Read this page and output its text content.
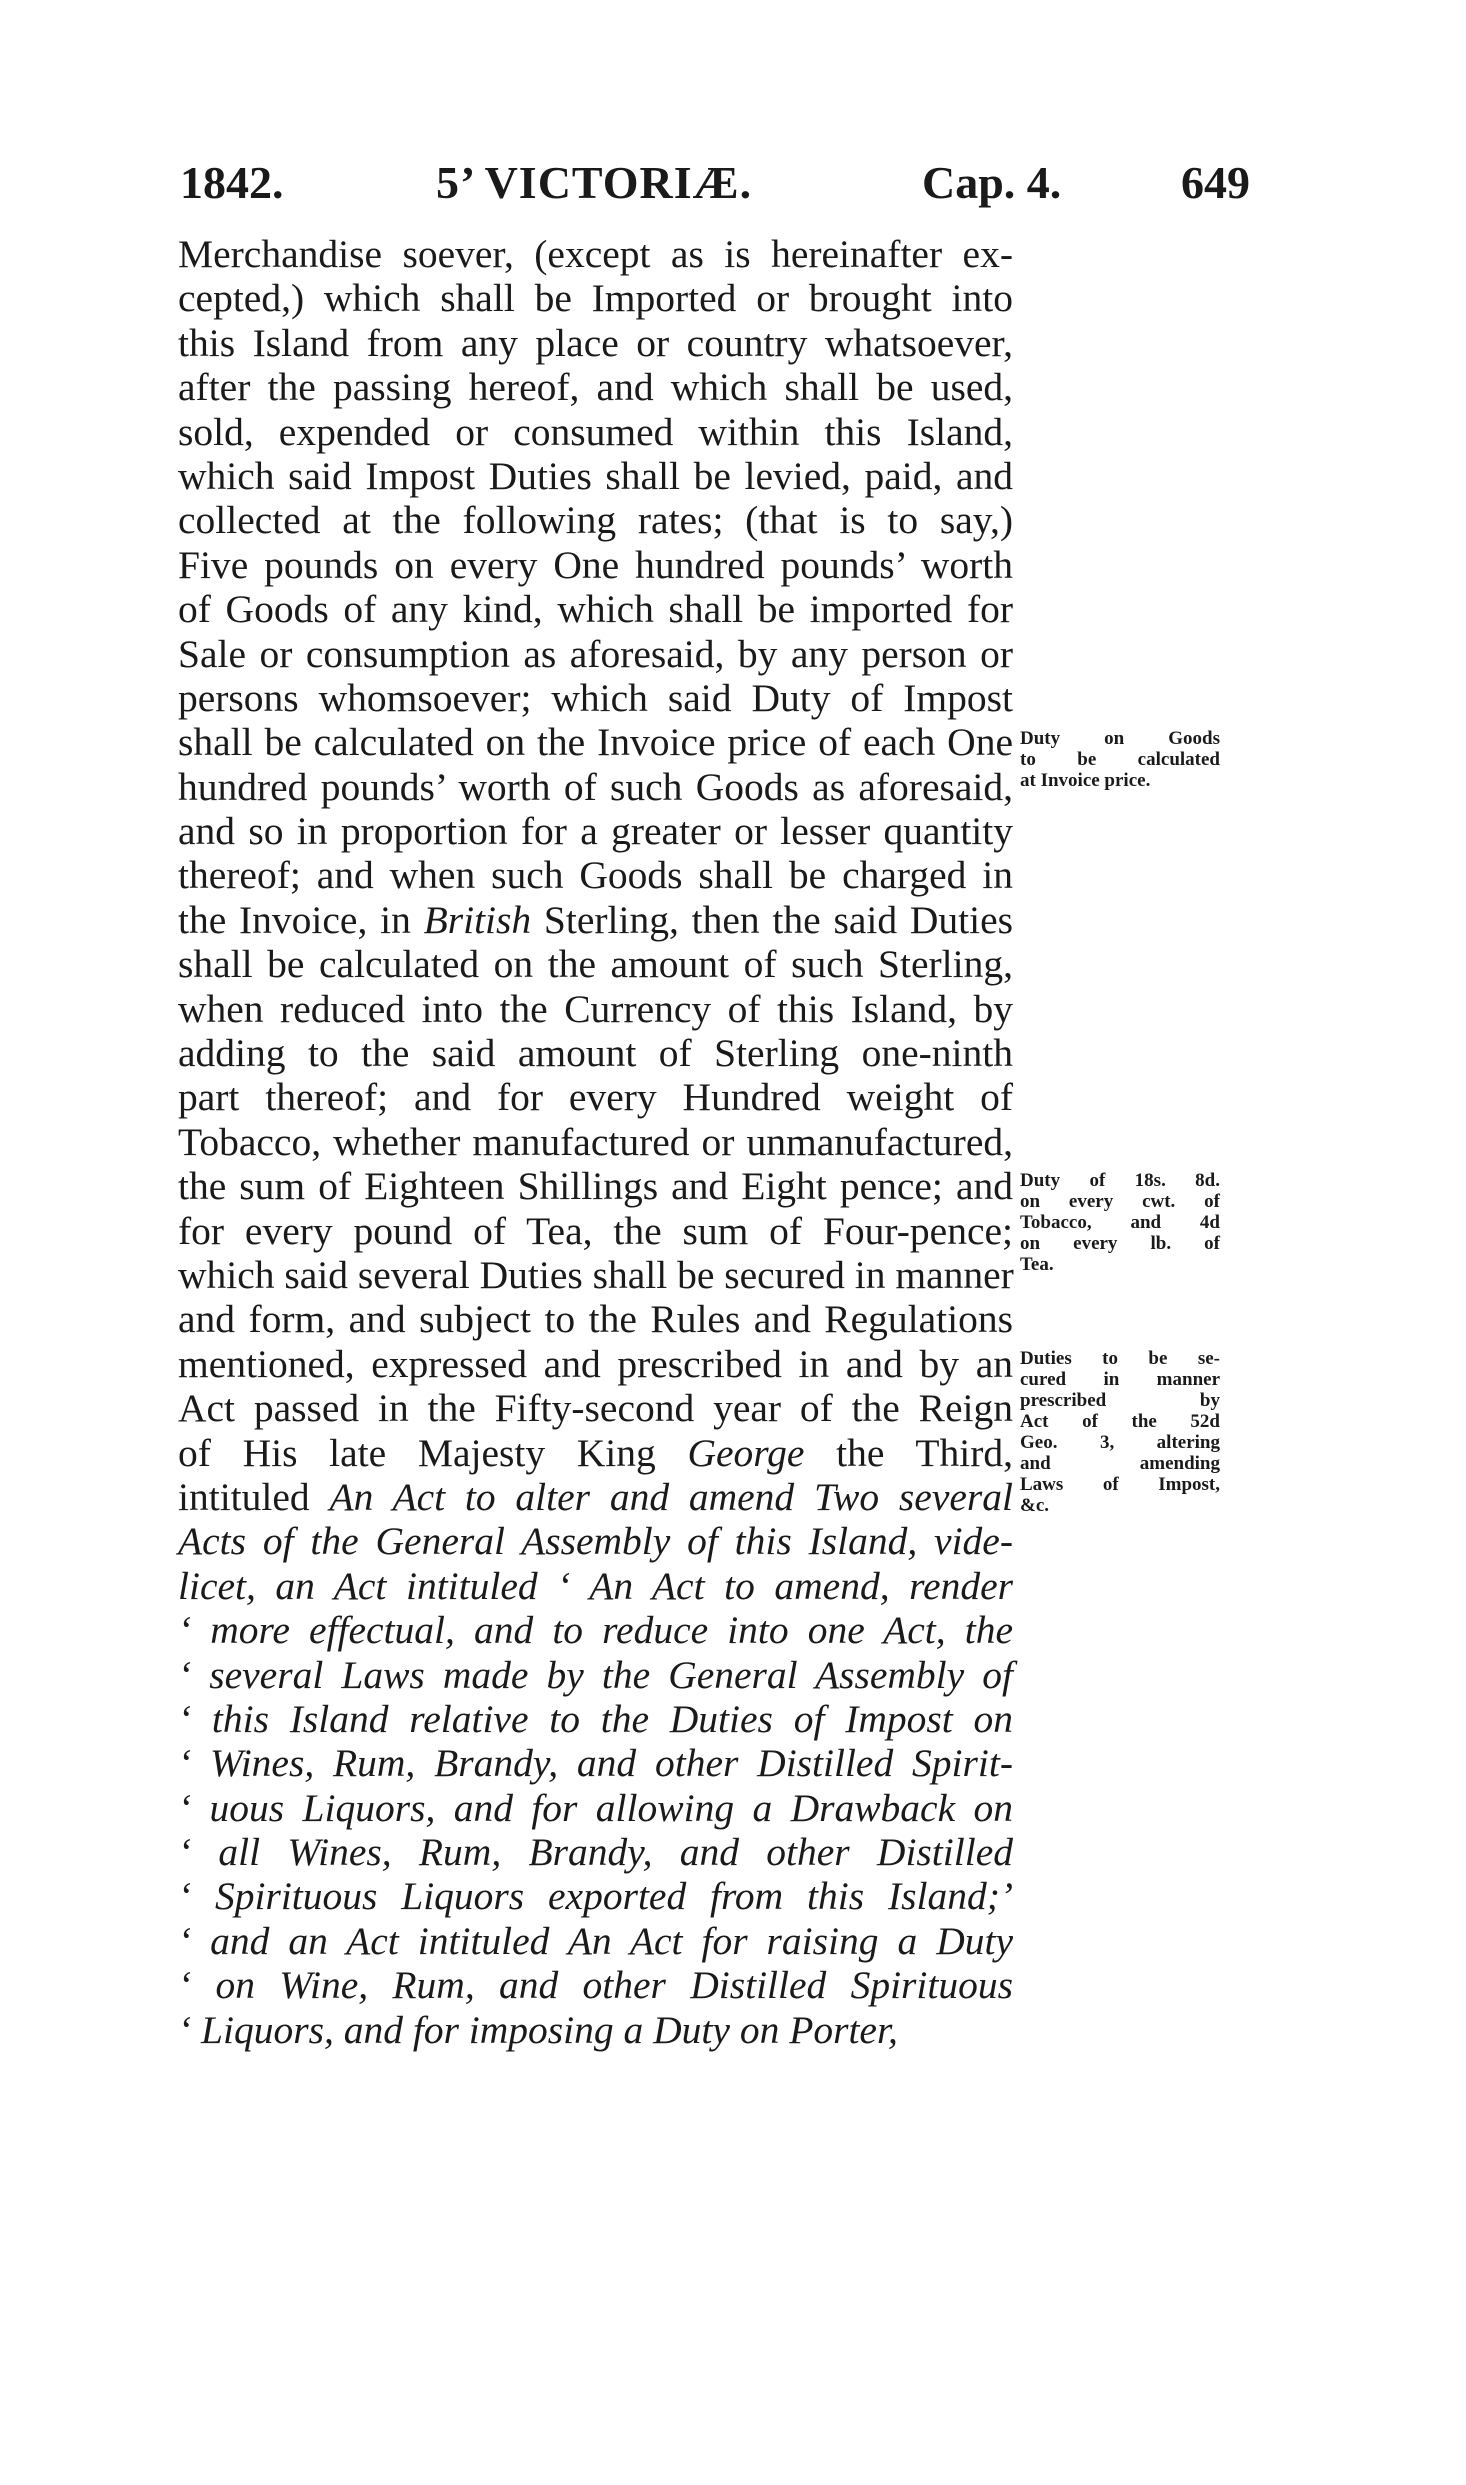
1842.	5’ VICTORIÆ.	Cap. 4.	649
Merchandise soever, (except as is hereinafter ex-
cepted,) which shall be Imported or brought into
this Island from any place or country whatsoever,
after the passing hereof, and which shall be used,
sold, expended or consumed within this Island,
which said Impost Duties shall be levied, paid, and
collected at the following rates; (that is to say,)
Five pounds on every One hundred pounds’ worth
of Goods of any kind, which shall be imported for
Sale or consumption as aforesaid, by any person or
persons whomsoever; which said Duty of Impost
shall be calculated on the Invoice price of each One
hundred pounds’ worth of such Goods as aforesaid,
and so in proportion for a greater or lesser quantity
thereof; and when such Goods shall be charged in
the Invoice, in British Sterling, then the said Duties
shall be calculated on the amount of such Sterling,
when reduced into the Currency of this Island, by
adding to the said amount of Sterling one-ninth
part thereof; and for every Hundred weight of
Tobacco, whether manufactured or unmanufactured,
the sum of Eighteen Shillings and Eight pence; and
for every pound of Tea, the sum of Four-pence;
which said several Duties shall be secured in manner
and form, and subject to the Rules and Regulations
mentioned, expressed and prescribed in and by an
Act passed in the Fifty-second year of the Reign
of His late Majesty King George the Third,
intituled An Act to alter and amend Two several
Acts of the General Assembly of this Island, vide-
licet, an Act intituled ‘ An Act to amend, render
‘ more effectual, and to reduce into one Act, the
‘ several Laws made by the General Assembly of
‘ this Island relative to the Duties of Impost on
‘ Wines, Rum, Brandy, and other Distilled Spirit-
‘ uous Liquors, and for allowing a Drawback on
‘ all Wines, Rum, Brandy, and other Distilled
‘ Spirituous Liquors exported from this Island;’
‘ and an Act intituled An Act for raising a Duty
‘ on Wine, Rum, and other Distilled Spirituous
‘ Liquors, and for imposing a Duty on Porter,
Duty on Goods
to be calculated
at Invoice price.
Duty of 18s. 8d.
on every cwt. of
Tobacco, and 4d
on every lb. of
Tea.
Duties to be se-
cured in manner
prescribed by
Act of the 52d
Geo. 3, altering
and amending
Laws of Impost,
&c.
